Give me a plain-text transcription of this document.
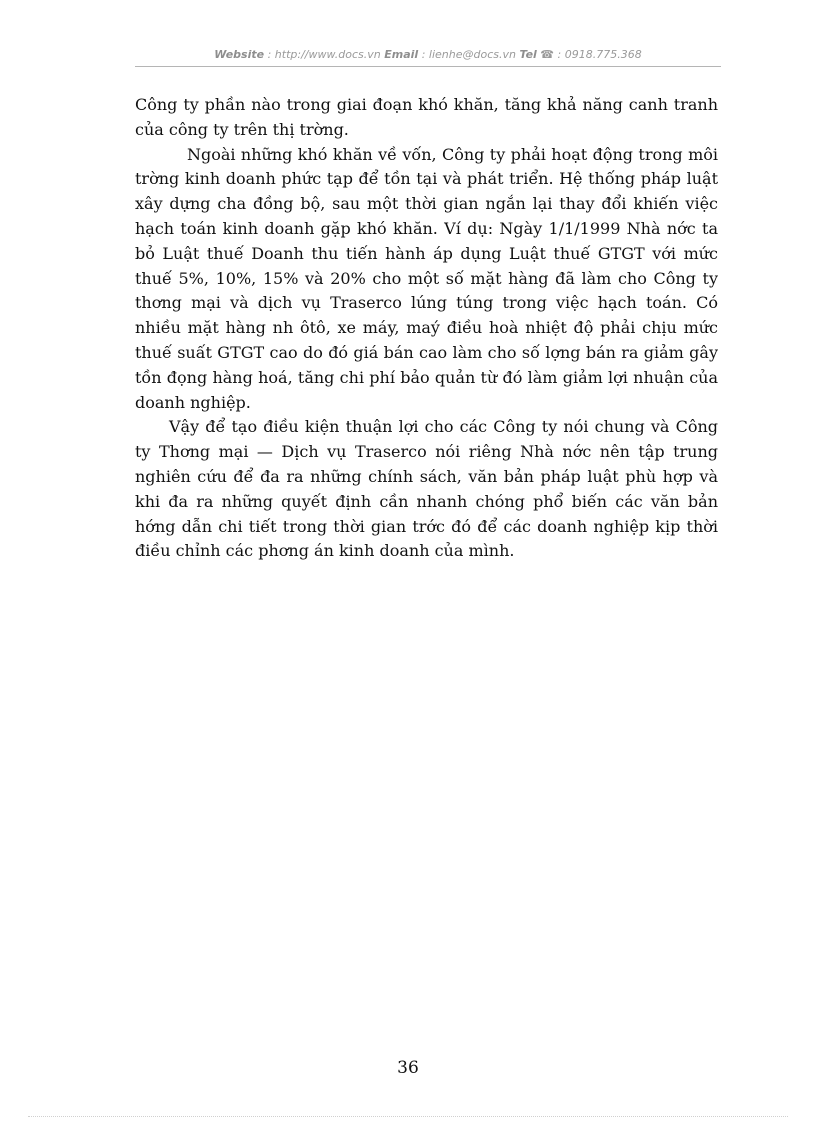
Website : http://www.docs.vn Email : lienhe@docs.vn Tel ☎ : 0918.775.368

Công ty phần nào trong giai đoạn khó khăn, tăng khả năng canh tranh của công ty trên thị trờng.

Ngoài những khó khăn về vốn, Công ty phải hoạt động trong môi trờng kinh doanh phức tạp để tồn tại và phát triển. Hệ thống pháp luật xây dựng cha đồng bộ, sau một thời gian ngắn lại thay đổi khiến việc hạch toán kinh doanh gặp khó khăn. Ví dụ: Ngày 1/1/1999 Nhà nớc ta bỏ Luật thuế Doanh thu tiến hành áp dụng Luật thuế GTGT với mức thuế 5%, 10%, 15% và 20% cho một số mặt hàng đã làm cho Công ty thơng mại và dịch vụ Traserco lúng túng trong việc hạch toán. Có nhiều mặt hàng nh ôtô, xe máy, maý điều hoà nhiệt độ phải chịu mức thuế suất GTGT cao do đó giá bán cao làm cho số lợng bán ra giảm gây tồn đọng hàng hoá, tăng chi phí bảo quản từ đó làm giảm lợi nhuận của doanh nghiệp.

Vậy để tạo điều kiện thuận lợi cho các Công ty nói chung và Công ty Thơng mại — Dịch vụ Traserco nói riêng Nhà nớc nên tập trung nghiên cứu để đa ra những chính sách, văn bản pháp luật phù hợp và khi đa ra những quyết định cần nhanh chóng phổ biến các văn bản hớng dẫn chi tiết trong thời gian trớc đó để các doanh nghiệp kịp thời điều chỉnh các phơng án kinh doanh của mình.

36
